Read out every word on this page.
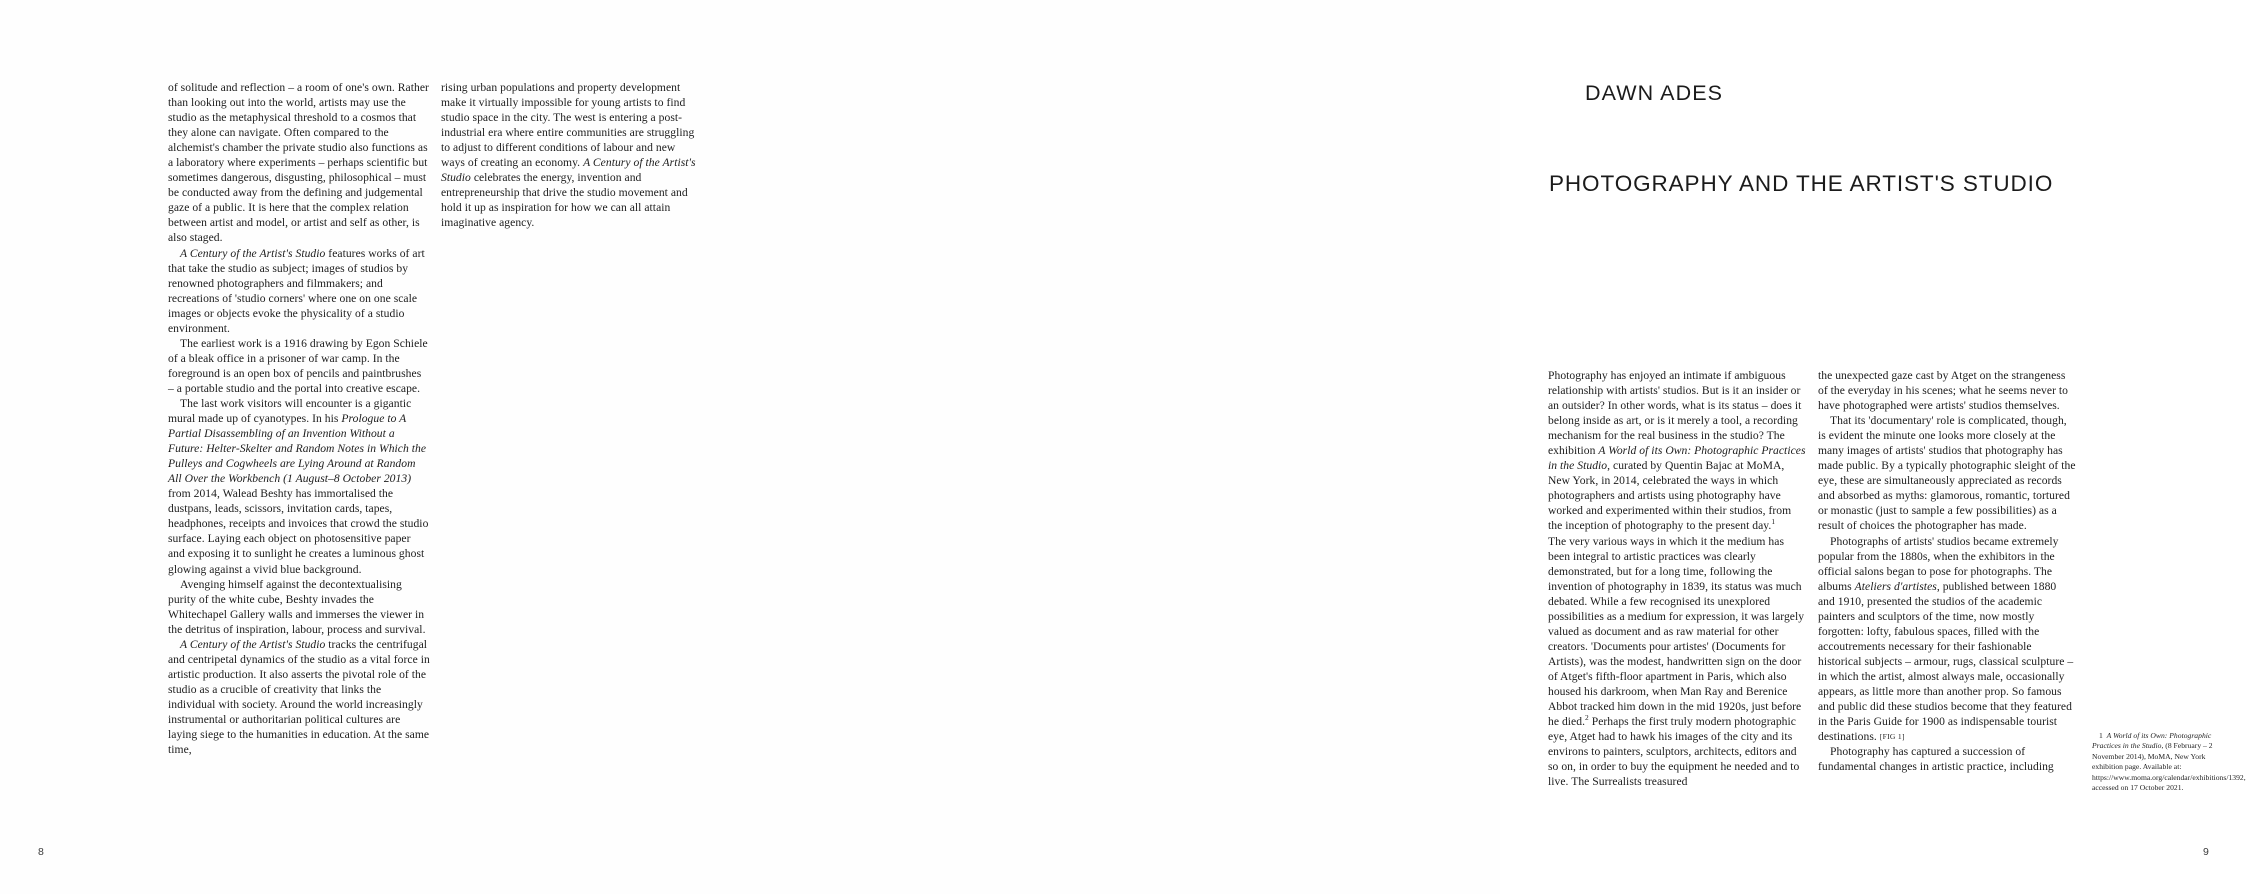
of solitude and reflection – a room of one's own. Rather than looking out into the world, artists may use the studio as the metaphysical threshold to a cosmos that they alone can navigate. Often compared to the alchemist's chamber the private studio also functions as a laboratory where experiments – perhaps scientific but sometimes dangerous, disgusting, philosophical – must be conducted away from the defining and judgemental gaze of a public. It is here that the complex relation between artist and model, or artist and self as other, is also staged.

A Century of the Artist's Studio features works of art that take the studio as subject; images of studios by renowned photographers and filmmakers; and recreations of 'studio corners' where one on one scale images or objects evoke the physicality of a studio environment.

The earliest work is a 1916 drawing by Egon Schiele of a bleak office in a prisoner of war camp. In the foreground is an open box of pencils and paintbrushes – a portable studio and the portal into creative escape.

The last work visitors will encounter is a gigantic mural made up of cyanotypes. In his Prologue to A Partial Disassembling of an Invention Without a Future: Helter-Skelter and Random Notes in Which the Pulleys and Cogwheels are Lying Around at Random All Over the Workbench (1 August–8 October 2013) from 2014, Walead Beshty has immortalised the dustpans, leads, scissors, invitation cards, tapes, headphones, receipts and invoices that crowd the studio surface. Laying each object on photosensitive paper and exposing it to sunlight he creates a luminous ghost glowing against a vivid blue background.

Avenging himself against the decontextualising purity of the white cube, Beshty invades the Whitechapel Gallery walls and immerses the viewer in the detritus of inspiration, labour, process and survival.

A Century of the Artist's Studio tracks the centrifugal and centripetal dynamics of the studio as a vital force in artistic production. It also asserts the pivotal role of the studio as a crucible of creativity that links the individual with society. Around the world increasingly instrumental or authoritarian political cultures are laying siege to the humanities in education. At the same time,

rising urban populations and property development make it virtually impossible for young artists to find studio space in the city. The west is entering a post-industrial era where entire communities are struggling to adjust to different conditions of labour and new ways of creating an economy. A Century of the Artist's Studio celebrates the energy, invention and entrepreneurship that drive the studio movement and hold it up as inspiration for how we can all attain imaginative agency.

8
DAWN ADES
PHOTOGRAPHY AND THE ARTIST'S STUDIO

Photography has enjoyed an intimate if ambiguous relationship with artists' studios. But is it an insider or an outsider? In other words, what is its status – does it belong inside as art, or is it merely a tool, a recording mechanism for the real business in the studio? The exhibition A World of its Own: Photographic Practices in the Studio, curated by Quentin Bajac at MoMA, New York, in 2014, celebrated the ways in which photographers and artists using photography have worked and experimented within their studios, from the inception of photography to the present day.$^1$

The very various ways in which it the medium has been integral to artistic practices was clearly demonstrated, but for a long time, following the invention of photography in 1839, its status was much debated. While a few recognised its unexplored possibilities as a medium for expression, it was largely valued as document and as raw material for other creators. 'Documents pour artistes' (Documents for Artists), was the modest, handwritten sign on the door of Atget's fifth-floor apartment in Paris, which also housed his darkroom, when Man Ray and Berenice Abbot tracked him down in the mid 1920s, just before he died.$^2$ Perhaps the first truly modern photographic eye, Atget had to hawk his images of the city and its environs to painters, sculptors, architects, editors and so on, in order to buy the equipment he needed and to live. The Surrealists treasured

the unexpected gaze cast by Atget on the strangeness of the everyday in his scenes; what he seems never to have photographed were artists' studios themselves.

That its 'documentary' role is complicated, though, is evident the minute one looks more closely at the many images of artists' studios that photography has made public. By a typically photographic sleight of the eye, these are simultaneously appreciated as records and absorbed as myths: glamorous, romantic, tortured or monastic (just to sample a few possibilities) as a result of choices the photographer has made.

Photographs of artists' studios became extremely popular from the 1880s, when the exhibitors in the official salons began to pose for photographs. The albums Ateliers d'artistes, published between 1880 and 1910, presented the studios of the academic painters and sculptors of the time, now mostly forgotten: lofty, fabulous spaces, filled with the accoutrements necessary for their fashionable historical subjects – armour, rugs, classical sculpture – in which the artist, almost always male, occasionally appears, as little more than another prop. So famous and public did these studios become that they featured in the Paris Guide for 1900 as indispensable tourist destinations. [FIG 1]

Photography has captured a succession of fundamental changes in artistic practice, including

1 A World of its Own: Photographic Practices in the Studio, (8 February – 2 November 2014), MoMA, New York exhibition page. Available at: https://www.moma.org/calendar/exhibitions/1392, accessed on 17 October 2021.
9
